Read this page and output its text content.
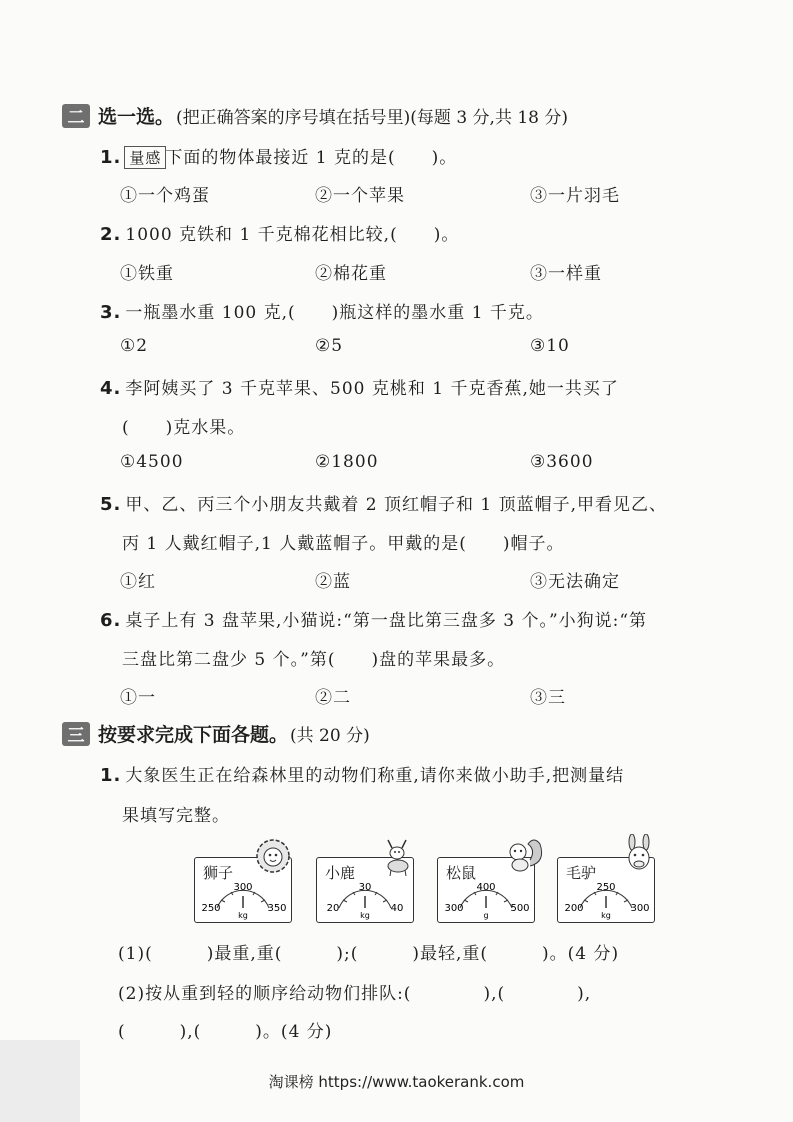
二 选一选。 (把正确答案的序号填在括号里)(每题 3 分,共 18 分)
1. 量感 下面的物体最接近 1 克的是(　　)。
①一个鸡蛋	②一个苹果	③一片羽毛
2. 1000 克铁和 1 千克棉花相比较,(　　)。
①铁重	②棉花重	③一样重
3. 一瓶墨水重 100 克,(　　)瓶这样的墨水重 1 千克。
①2	②5	③10
4. 李阿姨买了 3 千克苹果、500 克桃和 1 千克香蕉,她一共买了
(　　)克水果。
①4500	②1800	③3600
5. 甲、乙、丙三个小朋友共戴着 2 顶红帽子和 1 顶蓝帽子,甲看见乙、
丙 1 人戴红帽子,1 人戴蓝帽子。甲戴的是(　　)帽子。
①红	②蓝	③无法确定
6. 桌子上有 3 盘苹果,小猫说:“第一盘比第三盘多 3 个。”小狗说:“第
三盘比第二盘少 5 个。”第(　　)盘的苹果最多。
①一	②二	③三
三 按要求完成下面各题。 (共 20 分)
1. 大象医生正在给森林里的动物们称重,请你来做小助手,把测量结
果填写完整。
狮子
300
250	350
kg
小鹿
30
20	40
kg
松鼠
400
300	500
g
毛驴
250
200	300
kg
(1)(　　　)最重,重(　　　);(　　　)最轻,重(　　　)。(4 分)
(2)按从重到轻的顺序给动物们排队:(　　　　),(　　　　),
(　　　),(　　　)。(4 分)
淘课榜 https://www.taokerank.com
